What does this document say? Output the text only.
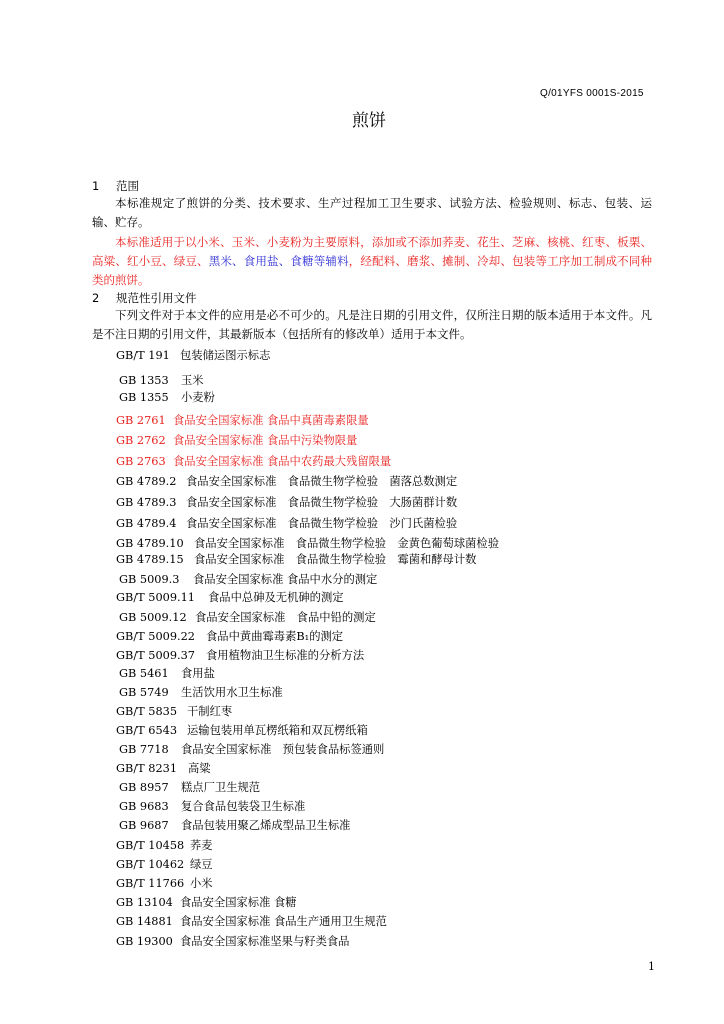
Q/01YFS 0001S-2015
煎饼
1 范围
本标准规定了煎饼的分类、技术要求、生产过程加工卫生要求、试验方法、检验规则、标志、包装、运输、贮存。
本标准适用于以小米、玉米、小麦粉为主要原料，添加或不添加荞麦、花生、芝麻、核桃、红枣、板栗、高粱、红小豆、绿豆、黑米、食用盐、食糖等辅料，经配料、磨浆、摊制、冷却、包装等工序加工制成不同种类的煎饼。
2 规范性引用文件
下列文件对于本文件的应用是必不可少的。凡是注日期的引用文件，仅所注日期的版本适用于本文件。凡是不注日期的引用文件，其最新版本（包括所有的修改单）适用于本文件。
GB/T 191 包装储运图示标志
GB 1353 玉米
GB 1355 小麦粉
GB 2761 食品安全国家标准 食品中真菌毒素限量
GB 2762 食品安全国家标准 食品中污染物限量
GB 2763 食品安全国家标准 食品中农药最大残留限量
GB 4789.2 食品安全国家标准　食品微生物学检验　菌落总数测定
GB 4789.3 食品安全国家标准　食品微生物学检验　大肠菌群计数
GB 4789.4 食品安全国家标准　食品微生物学检验　沙门氏菌检验
GB 4789.10 食品安全国家标准　食品微生物学检验　金黄色葡萄球菌检验
GB 4789.15 食品安全国家标准　食品微生物学检验　霉菌和酵母计数
GB 5009.3 食品安全国家标准 食品中水分的测定
GB/T 5009.11 食品中总砷及无机砷的测定
GB 5009.12 食品安全国家标准　食品中铅的测定
GB/T 5009.22 食品中黄曲霉毒素B₁的测定
GB/T 5009.37 食用植物油卫生标准的分析方法
GB 5461 食用盐
GB 5749 生活饮用水卫生标准
GB/T 5835 干制红枣
GB/T 6543 运输包装用单瓦楞纸箱和双瓦楞纸箱
GB 7718 食品安全国家标准　预包装食品标签通则
GB/T 8231 高粱
GB 8957 糕点厂卫生规范
GB 9683 复合食品包装袋卫生标准
GB 9687 食品包装用聚乙烯成型品卫生标准
GB/T 10458 荞麦
GB/T 10462 绿豆
GB/T 11766 小米
GB 13104 食品安全国家标准 食糖
GB 14881 食品安全国家标准 食品生产通用卫生规范
GB 19300 食品安全国家标准坚果与籽类食品
1
